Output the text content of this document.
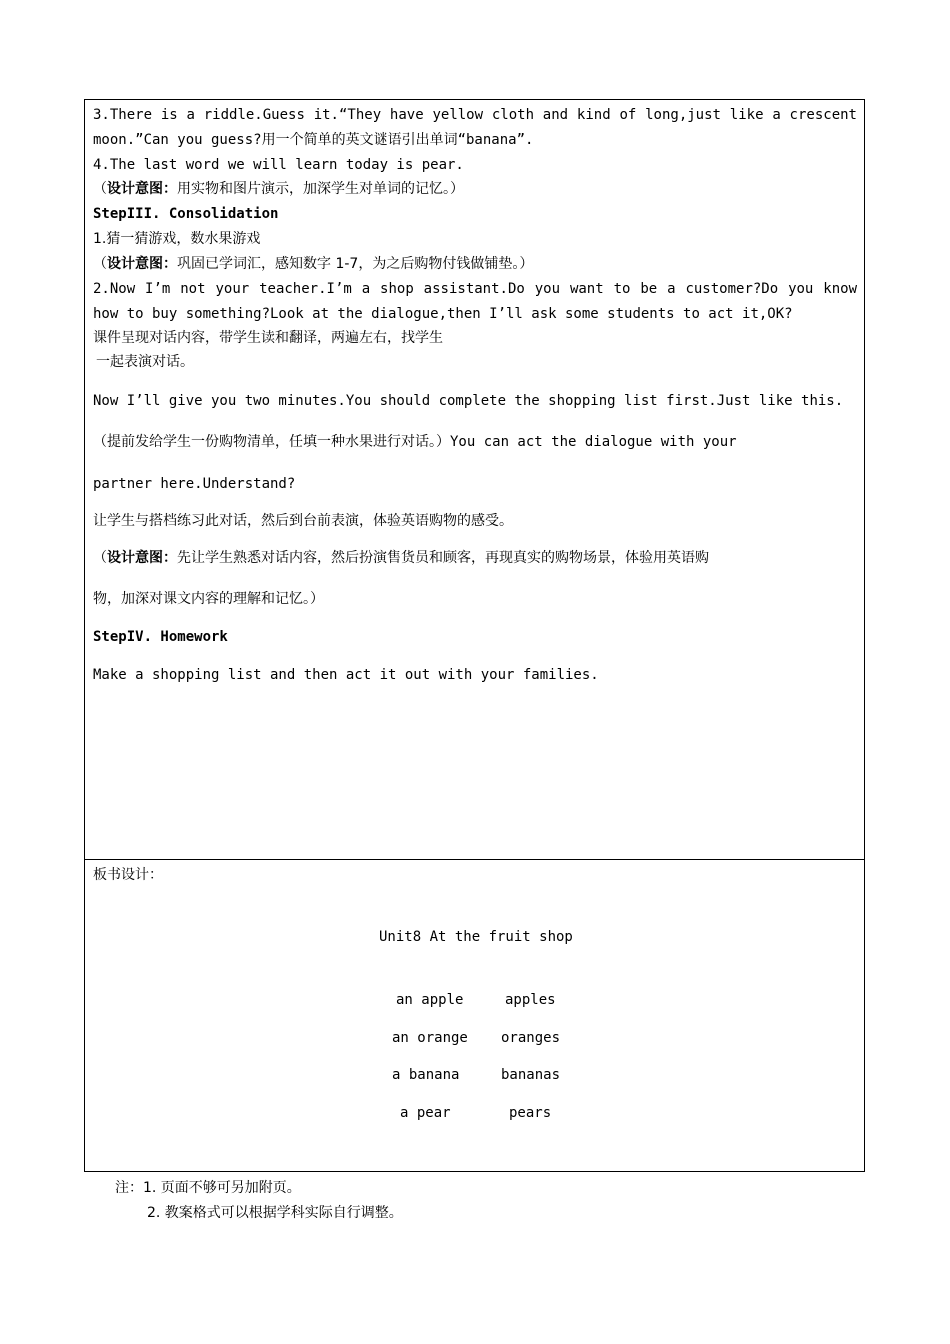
3.There is a riddle.Guess it.“They have yellow cloth and kind of long,just like a crescent
moon.”Can you guess?用一个简单的英文谜语引出单词“banana”.
4.The last word we will learn today is pear.
（设计意图：用实物和图片演示，加深学生对单词的记忆。）
StepIII. Consolidation
1.猜一猜游戏，数水果游戏
（设计意图：巩固已学词汇，感知数字 1-7，为之后购物付钱做铺垫。）
2.Now I’m not your teacher.I’m a shop assistant.Do you want to be a customer?Do you know
how to buy something?Look at the dialogue,then I’ll ask some students to act it,OK?
课件呈现对话内容，带学生读和翻译，两遍左右，找学生
一起表演对话。
Now I’ll give you two minutes.You should complete the shopping list first.Just like this.
（提前发给学生一份购物清单，任填一种水果进行对话。）You can act the dialogue with your
partner here.Understand?
让学生与搭档练习此对话，然后到台前表演，体验英语购物的感受。
（设计意图：先让学生熟悉对话内容，然后扮演售货员和顾客，再现真实的购物场景，体验用英语购
物，加深对课文内容的理解和记忆。）
StepIV. Homework
Make a shopping list and then act it out with your families.
板书设计：
Unit8 At the fruit shop
an apple	apples
an orange oranges
a banana	bananas
a pear	pears
注：1. 页面不够可另加附页。
2. 教案格式可以根据学科实际自行调整。
